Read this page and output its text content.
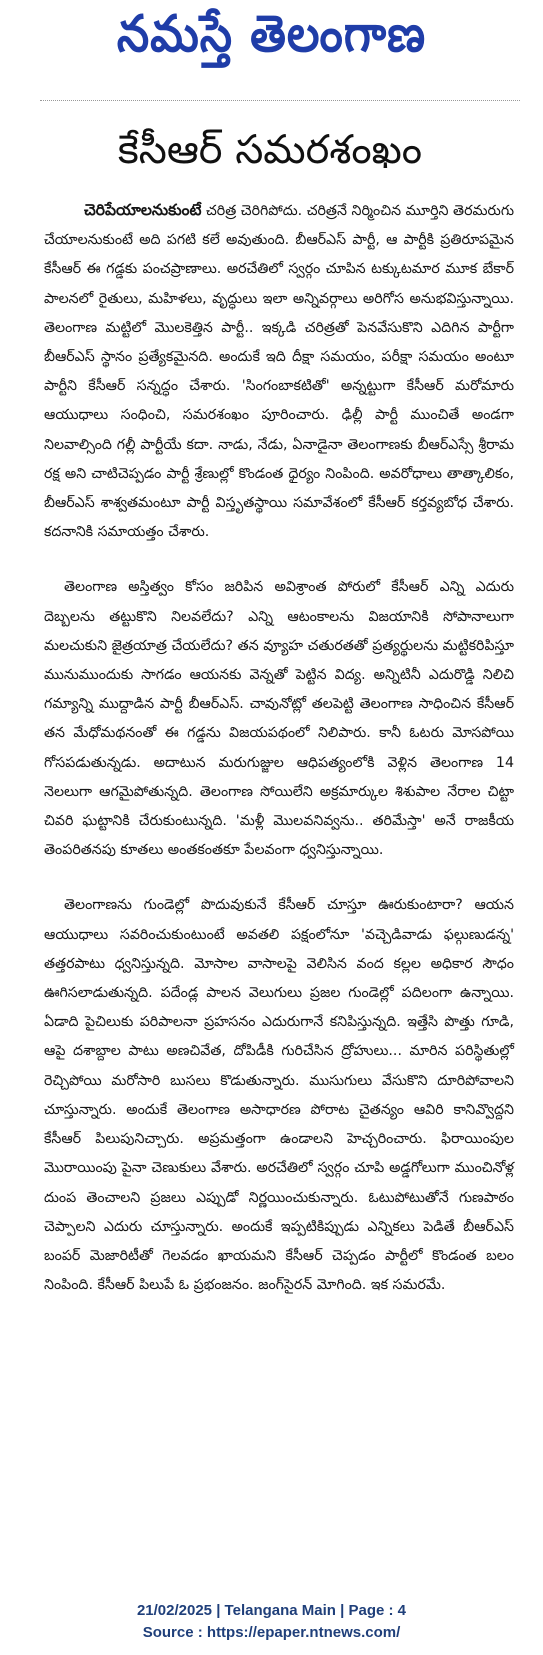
నమస్తే తెలంగాణ
కేసీఆర్ సమరశంఖం

చెరిపేయాలనుకుంటే చరిత్ర చెరిగిపోదు. చరిత్రనే నిర్మించిన మూర్తిని తెరమరుగు చేయాలనుకుంటే అది పగటి కలే అవుతుంది. బీఆర్ఎస్ పార్టీ, ఆ పార్టీకి ప్రతిరూపమైన కేసీఆర్ ఈ గడ్డకు పంచప్రాణాలు. అరచేతిలో స్వర్గం చూపిన టక్కుటమార మూక బేకార్ పాలనలో రైతులు, మహిళలు, వృద్ధులు ఇలా అన్నివర్గాలు అరిగోస అనుభవిస్తున్నాయి. తెలంగాణ మట్టిలో మొలకెత్తిన పార్టీ.. ఇక్కడి చరిత్రతో పెనవేసుకొని ఎదిగిన పార్టీగా బీఆర్ఎస్ స్థానం ప్రత్యేకమైనది. అందుకే ఇది దీక్షా సమయం, పరీక్షా సమయం అంటూ పార్టీని కేసీఆర్ సన్నద్ధం చేశారు. 'సింగంబాకటితో' అన్నట్టుగా కేసీఆర్ మరోమారు ఆయుధాలు సంధించి, సమరశంఖం పూరించారు. ఢిల్లీ పార్టీ ముంచితే అండగా నిలవాల్సింది గల్లీ పార్టీయే కదా. నాడు, నేడు, ఏనాడైనా తెలంగాణకు బీఆర్ఎస్సే శ్రీరామ రక్ష అని చాటిచెప్పడం పార్టీ శ్రేణుల్లో కొండంత ధైర్యం నింపింది. అవరోధాలు తాత్కాలికం, బీఆర్ఎస్ శాశ్వతమంటూ పార్టీ విస్తృతస్థాయి సమావేశంలో కేసీఆర్ కర్తవ్యబోధ చేశారు. కదనానికి సమాయత్తం చేశారు.

తెలంగాణ అస్తిత్వం కోసం జరిపిన అవిశ్రాంత పోరులో కేసీఆర్ ఎన్ని ఎదురు దెబ్బలను తట్టుకొని నిలవలేదు? ఎన్ని ఆటంకాలను విజయానికి సోపానాలుగా మలచుకుని జైత్రయాత్ర చేయలేదు? తన వ్యూహ చతురతతో ప్రత్యర్థులను మట్టికరిపిస్తూ మునుముందుకు సాగడం ఆయనకు వెన్నతో పెట్టిన విద్య. అన్నిటినీ ఎదురొడ్డి నిలిచి గమ్యాన్ని ముద్దాడిన పార్టీ బీఆర్ఎస్. చావునోట్లో తలపెట్టి తెలంగాణ సాధించిన కేసీఆర్ తన మేధోమథనంతో ఈ గడ్డను విజయపథంలో నిలిపారు. కానీ ఓటరు మోసపోయి గోసపడుతున్నడు. అదాటున మరుగుజ్జుల ఆధిపత్యంలోకి వెళ్లిన తెలంగాణ 14 నెలలుగా ఆగమైపోతున్నది. తెలంగాణ సోయిలేని అక్రమార్కుల శిశుపాల నేరాల చిట్టా చివరి ఘట్టానికి చేరుకుంటున్నది. 'మళ్లీ మొలవనివ్వను.. తరిమేస్తా' అనే రాజకీయ తెంపరితనపు కూతలు అంతకంతకూ పేలవంగా ధ్వనిస్తున్నాయి.

తెలంగాణను గుండెల్లో పొదువుకునే కేసీఆర్ చూస్తూ ఊరుకుంటారా? ఆయన ఆయుధాలు సవరించుకుంటుంటే అవతలి పక్షంలోనూ 'వచ్చెడివాడు ఫల్గుణుడన్న' తత్తరపాటు ధ్వనిస్తున్నది. మోసాల వాసాలపై వెలిసిన వంద కల్లల అధికార సౌధం ఊగిసలాడుతున్నది. పదేండ్ల పాలన వెలుగులు ప్రజల గుండెల్లో పదిలంగా ఉన్నాయి. ఏడాది పైచిలుకు పరిపాలనా ప్రహసనం ఎదురుగానే కనిపిస్తున్నది. ఇత్తేసి పొత్తు గూడి, ఆపై దశాబ్దాల పాటు అణచివేత, దోపిడీకి గురిచేసిన ద్రోహులు... మారిన పరిస్థితుల్లో రెచ్చిపోయి మరోసారి బుసలు కొడుతున్నారు. ముసుగులు వేసుకొని దూరిపోవాలని చూస్తున్నారు. అందుకే తెలంగాణ అసాధారణ పోరాట చైతన్యం ఆవిరి కానివ్వొద్దని కేసీఆర్ పిలుపునిచ్చారు. అప్రమత్తంగా ఉండాలని హెచ్చరించారు. ఫిరాయింపుల మొరాయింపు పైనా చెణుకులు వేశారు. అరచేతిలో స్వర్గం చూపి అడ్డగోలుగా ముంచినోళ్ల దుంప తెంచాలని ప్రజలు ఎప్పుడో నిర్ణయించుకున్నారు. ఓటుపోటుతోనే గుణపాఠం చెప్పాలని ఎదురు చూస్తున్నారు. అందుకే ఇప్పటికిప్పుడు ఎన్నికలు పెడితే బీఆర్ఎస్ బంపర్ మెజారిటీతో గెలవడం ఖాయమని కేసీఆర్ చెప్పడం పార్టీలో కొండంత బలం నింపింది. కేసీఆర్ పిలుపే ఓ ప్రభంజనం. జంగ్‌సైరన్ మోగింది. ఇక సమరమే.

21/02/2025 | Telangana Main | Page : 4

Source : https://epaper.ntnews.com/
